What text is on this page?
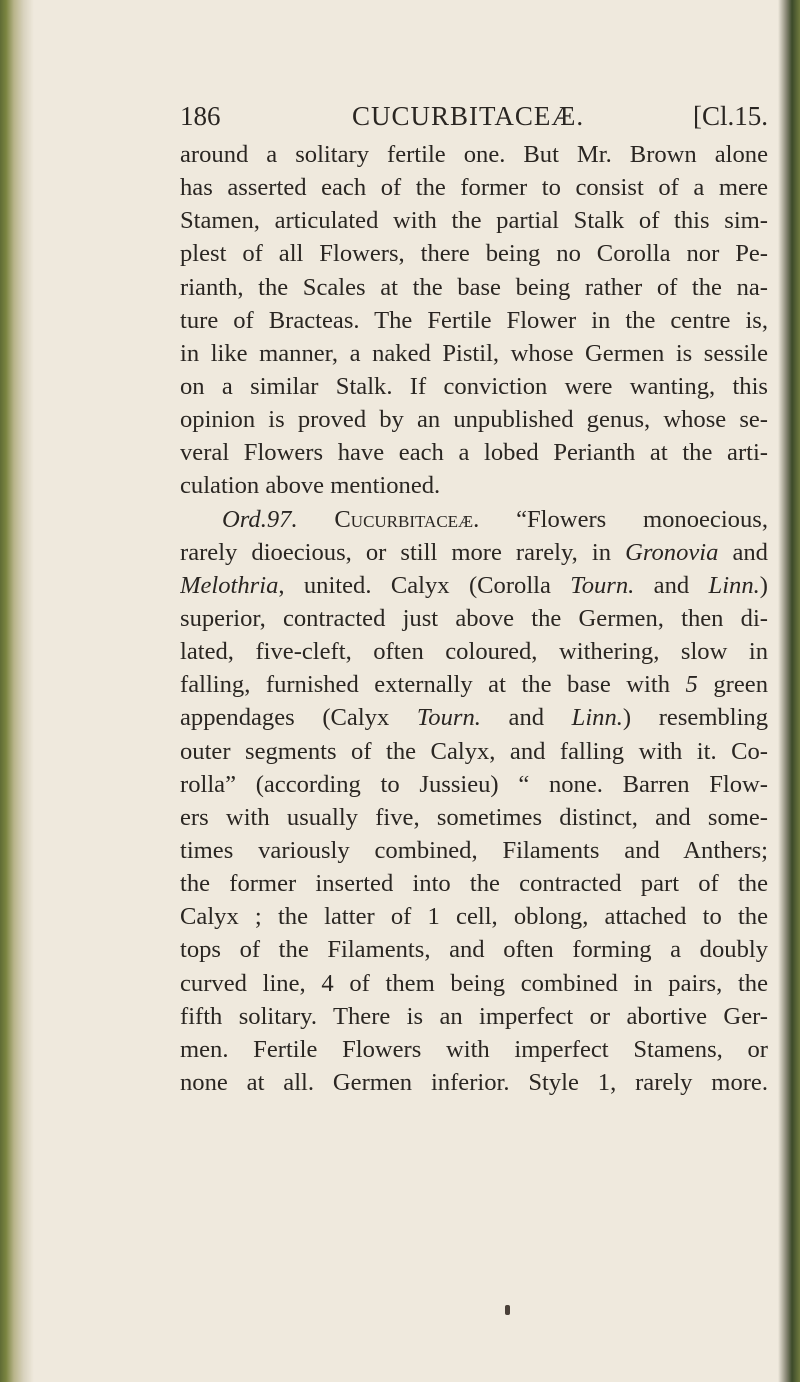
186	CUCURBITACEÆ.	[Cl.15.
around a solitary fertile one. But Mr. Brown alone
has asserted each of the former to consist of a mere
Stamen, articulated with the partial Stalk of this sim-
plest of all Flowers, there being no Corolla nor Pe-
rianth, the Scales at the base being rather of the na-
ture of Bracteas. The Fertile Flower in the centre is,
in like manner, a naked Pistil, whose Germen is sessile
on a similar Stalk. If conviction were wanting, this
opinion is proved by an unpublished genus, whose se-
veral Flowers have each a lobed Perianth at the arti-
culation above mentioned.
Ord.97. Cucurbitaceæ. “Flowers monoecious,
rarely dioecious, or still more rarely, in Gronovia and
Melothria, united. Calyx (Corolla Tourn. and Linn.)
superior, contracted just above the Germen, then di-
lated, five-cleft, often coloured, withering, slow in
falling, furnished externally at the base with 5 green
appendages (Calyx Tourn. and Linn.) resembling
outer segments of the Calyx, and falling with it. Co-
rolla” (according to Jussieu) “ none. Barren Flow-
ers with usually five, sometimes distinct, and some-
times variously combined, Filaments and Anthers;
the former inserted into the contracted part of the
Calyx ; the latter of 1 cell, oblong, attached to the
tops of the Filaments, and often forming a doubly
curved line, 4 of them being combined in pairs, the
fifth solitary. There is an imperfect or abortive Ger-
men. Fertile Flowers with imperfect Stamens, or
none at all. Germen inferior. Style 1, rarely more.
